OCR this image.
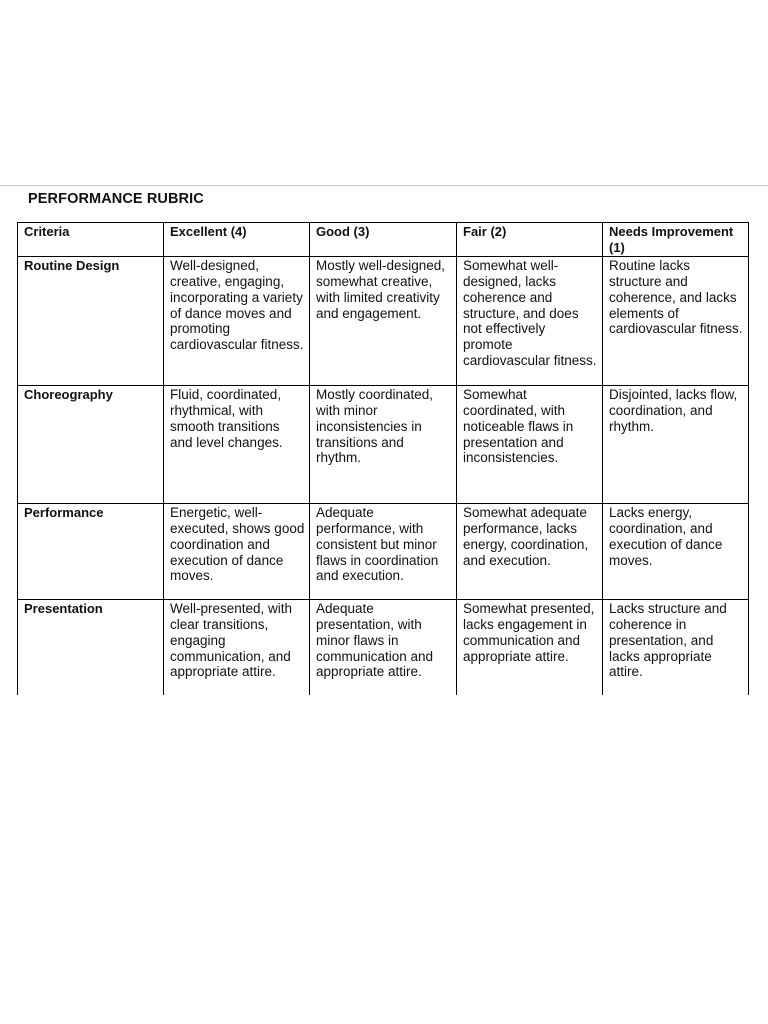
PERFORMANCE RUBRIC
Criteria	Excellent (4)	Good (3)	Fair (2)	Needs Improvement (1)
Routine Design	Well-designed, creative, engaging, incorporating a variety of dance moves and promoting cardiovascular fitness.	Mostly well-designed, somewhat creative, with limited creativity and engagement.	Somewhat well-designed, lacks coherence and structure, and does not effectively promote cardiovascular fitness.	Routine lacks structure and coherence, and lacks elements of cardiovascular fitness.
Choreography	Fluid, coordinated, rhythmical, with smooth transitions and level changes.	Mostly coordinated, with minor inconsistencies in transitions and rhythm.	Somewhat coordinated, with noticeable flaws in presentation and inconsistencies.	Disjointed, lacks flow, coordination, and rhythm.
Performance	Energetic, well-executed, shows good coordination and execution of dance moves.	Adequate performance, with consistent but minor flaws in coordination and execution.	Somewhat adequate performance, lacks energy, coordination, and execution.	Lacks energy, coordination, and execution of dance moves.
Presentation	Well-presented, with clear transitions, engaging communication, and appropriate attire.	Adequate presentation, with minor flaws in communication and appropriate attire.	Somewhat presented, lacks engagement in communication and appropriate attire.	Lacks structure and coherence in presentation, and lacks appropriate attire.
